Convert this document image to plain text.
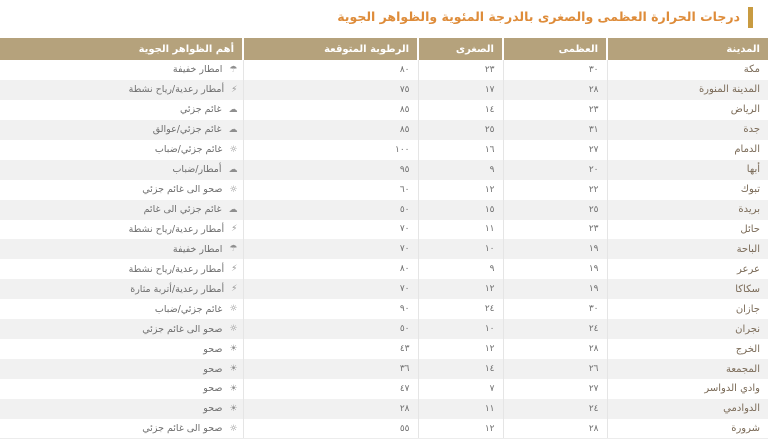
درجات الحرارة العظمى والصغرى بالدرجة المئوية والظواهر الجوية
المدينة	العظمى	الصغرى	الرطوبة المتوقعة	أهم الظواهر الجوية
مكة	٣٠	٢٣	٨٠	☂ امطار خفيفة
المدينة المنورة	٢٨	١٧	٧٥	⚡ أمطار رعدية/رياح نشطة
الرياض	٢٣	١٤	٨٥	☁ غائم جزئي
جدة	٣١	٢٥	٨٥	☁ غائم جزئي/عوالق
الدمام	٢٧	١٦	١٠٠	☼ غائم جزئي/ضباب
أبها	٢٠	٩	٩٥	☁ أمطار/ضباب
تبوك	٢٢	١٢	٦٠	☼ صحو الى غائم جزئي
بريدة	٢٥	١٥	٥٠	☁ غائم جزئي الى غائم
حائل	٢٣	١١	٧٠	⚡ أمطار رعدية/رياح نشطة
الباحة	١٩	١٠	٧٠	☂ امطار خفيفة
عرعر	١٩	٩	٨٠	⚡ أمطار رعدية/رياح نشطة
سكاكا	١٩	١٢	٧٠	⚡ أمطار رعدية/أتربة مثارة
جازان	٣٠	٢٤	٩٠	☼ غائم جزئي/ضباب
نجران	٢٤	١٠	٥٠	☼ صحو الى غائم جزئي
الخرج	٢٨	١٢	٤٣	☀ صحو
المجمعة	٢٦	١٤	٣٦	☀ صحو
وادي الدواسر	٢٧	٧	٤٧	☀ صحو
الدوادمي	٢٤	١١	٢٨	☀ صحو
شرورة	٢٨	١٢	٥٥	☼ صحو الى غائم جزئي
